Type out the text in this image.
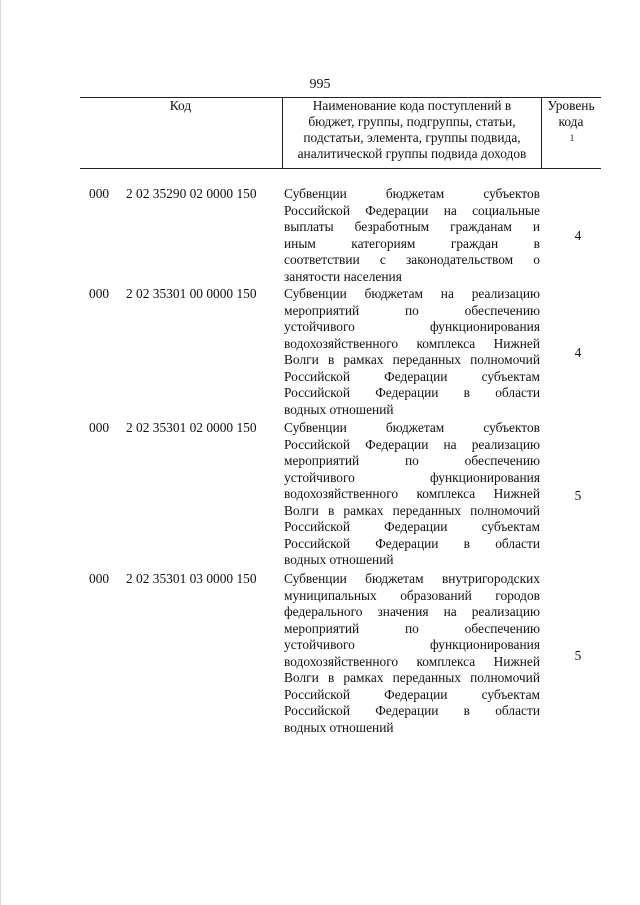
995
Код	Наименование кода поступлений в
бюджет, группы, подгруппы, статьи,
подстатьи, элемента, группы подвида,
аналитической группы подвида доходов
Уровень
кода
$^1$
000 2 02 35290 02 0000 150 Субвенции бюджетам субъектов
Российской Федерации на социальные
выплаты безработным гражданам и
иным категориям граждан в
соответствии с законодательством о
занятости населения
4
000 2 02 35301 00 0000 150 Субвенции бюджетам на реализацию
мероприятий по обеспечению
устойчивого функционирования
водохозяйственного комплекса Нижней
Волги в рамках переданных полномочий
Российской Федерации субъектам
Российской Федерации в области
водных отношений
4
000 2 02 35301 02 0000 150 Субвенции бюджетам субъектов
Российской Федерации на реализацию
мероприятий по обеспечению
устойчивого функционирования
водохозяйственного комплекса Нижней
Волги в рамках переданных полномочий
Российской Федерации субъектам
Российской Федерации в области
водных отношений
5
000 2 02 35301 03 0000 150 Субвенции бюджетам внутригородских
муниципальных образований городов
федерального значения на реализацию
мероприятий по обеспечению
устойчивого функционирования
водохозяйственного комплекса Нижней
Волги в рамках переданных полномочий
Российской Федерации субъектам
Российской Федерации в области
водных отношений
5
